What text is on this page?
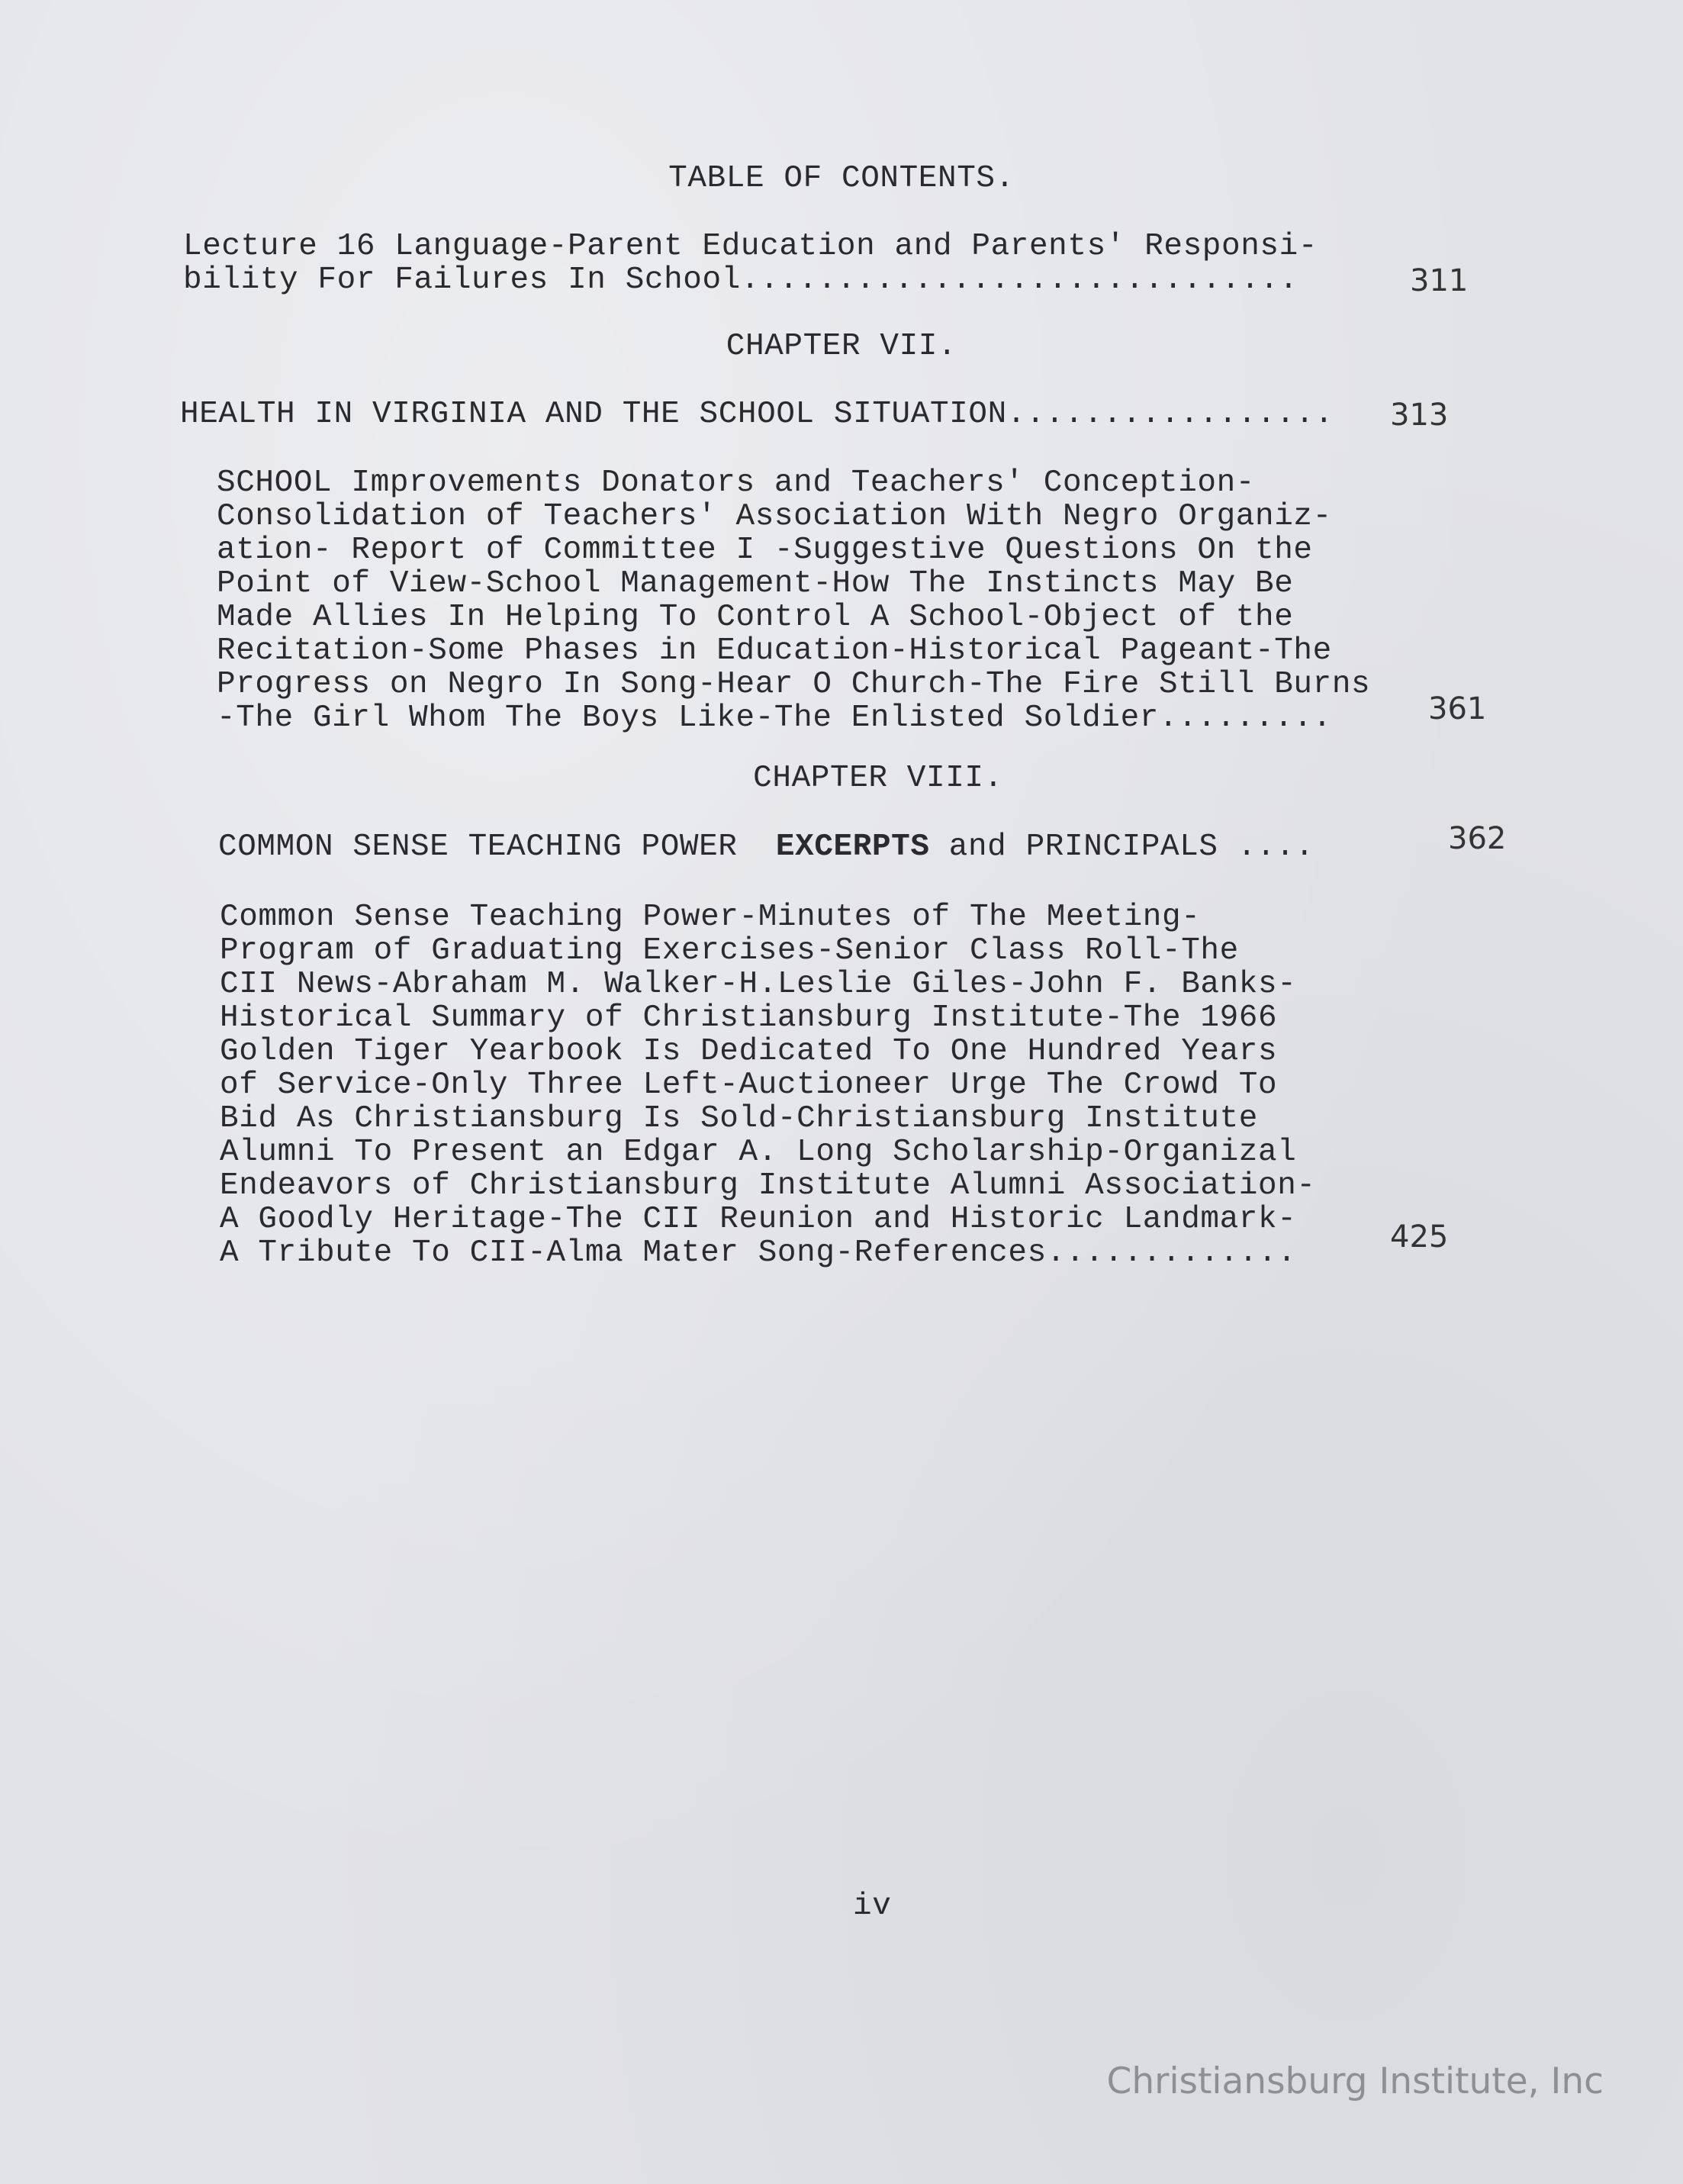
TABLE OF CONTENTS.
Lecture 16 Language-Parent Education and Parents' Responsi-
bility For Failures In School.............................	311
CHAPTER VII.
HEALTH IN VIRGINIA AND THE SCHOOL SITUATION................. 313
SCHOOL Improvements Donators and Teachers' Conception-
Consolidation of Teachers' Association With Negro Organiz-
ation- Report of Committee I -Suggestive Questions On the
Point of View-School Management-How The Instincts May Be
Made Allies In Helping To Control A School-Object of the
Recitation-Some Phases in Education-Historical Pageant-The
Progress on Negro In Song-Hear O Church-The Fire Still Burns
-The Girl Whom The Boys Like-The Enlisted Soldier.........	361
CHAPTER VIII.
COMMON SENSE TEACHING POWER  EXCERPTS and PRINCIPALS ....	362
Common Sense Teaching Power-Minutes of The Meeting-
Program of Graduating Exercises-Senior Class Roll-The
CII News-Abraham M. Walker-H.Leslie Giles-John F. Banks-
Historical Summary of Christiansburg Institute-The 1966
Golden Tiger Yearbook Is Dedicated To One Hundred Years
of Service-Only Three Left-Auctioneer Urge The Crowd To
Bid As Christiansburg Is Sold-Christiansburg Institute
Alumni To Present an Edgar A. Long Scholarship-Organizal
Endeavors of Christiansburg Institute Alumni Association-
A Goodly Heritage-The CII Reunion and Historic Landmark-
A Tribute To CII-Alma Mater Song-References.............	425
iv
Christiansburg Institute, Inc
